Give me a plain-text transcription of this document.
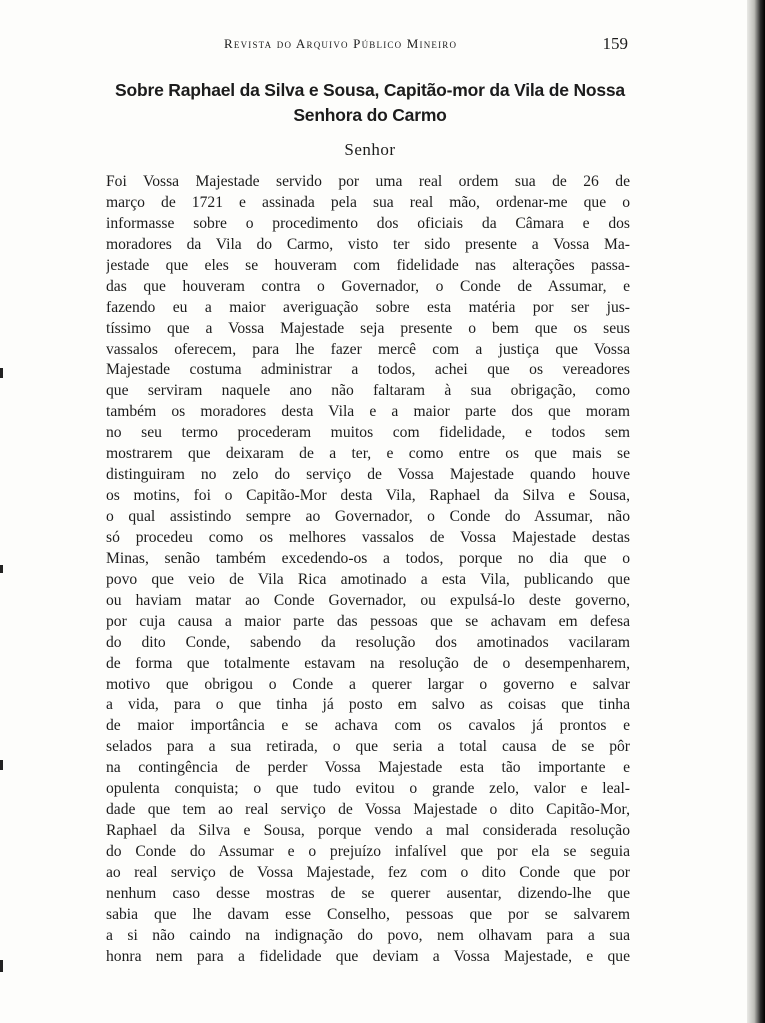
Revista do Arquivo Público Mineiro	159
Sobre Raphael da Silva e Sousa, Capitão-mor da Vila de Nossa Senhora do Carmo
Senhor
Foi Vossa Majestade servido por uma real ordem sua de 26 de
março de 1721 e assinada pela sua real mão, ordenar-me que o
informasse sobre o procedimento dos oficiais da Câmara e dos
moradores da Vila do Carmo, visto ter sido presente a Vossa Ma-
jestade que eles se houveram com fidelidade nas alterações passa-
das que houveram contra o Governador, o Conde de Assumar, e
fazendo eu a maior averiguação sobre esta matéria por ser jus-
tíssimo que a Vossa Majestade seja presente o bem que os seus
vassalos oferecem, para lhe fazer mercê com a justiça que Vossa
Majestade costuma administrar a todos, achei que os vereadores
que serviram naquele ano não faltaram à sua obrigação, como
também os moradores desta Vila e a maior parte dos que moram
no seu termo procederam muitos com fidelidade, e todos sem
mostrarem que deixaram de a ter, e como entre os que mais se
distinguiram no zelo do serviço de Vossa Majestade quando houve
os motins, foi o Capitão-Mor desta Vila, Raphael da Silva e Sousa,
o qual assistindo sempre ao Governador, o Conde do Assumar, não
só procedeu como os melhores vassalos de Vossa Majestade destas
Minas, senão também excedendo-os a todos, porque no dia que o
povo que veio de Vila Rica amotinado a esta Vila, publicando que
ou haviam matar ao Conde Governador, ou expulsá-lo deste governo,
por cuja causa a maior parte das pessoas que se achavam em defesa
do dito Conde, sabendo da resolução dos amotinados vacilaram
de forma que totalmente estavam na resolução de o desempenharem,
motivo que obrigou o Conde a querer largar o governo e salvar
a vida, para o que tinha já posto em salvo as coisas que tinha
de maior importância e se achava com os cavalos já prontos e
selados para a sua retirada, o que seria a total causa de se pôr
na contingência de perder Vossa Majestade esta tão importante e
opulenta conquista; o que tudo evitou o grande zelo, valor e leal-
dade que tem ao real serviço de Vossa Majestade o dito Capitão-Mor,
Raphael da Silva e Sousa, porque vendo a mal considerada resolução
do Conde do Assumar e o prejuízo infalível que por ela se seguia
ao real serviço de Vossa Majestade, fez com o dito Conde que por
nenhum caso desse mostras de se querer ausentar, dizendo-lhe que
sabia que lhe davam esse Conselho, pessoas que por se salvarem
a si não caindo na indignação do povo, nem olhavam para a sua
honra nem para a fidelidade que deviam a Vossa Majestade, e que
